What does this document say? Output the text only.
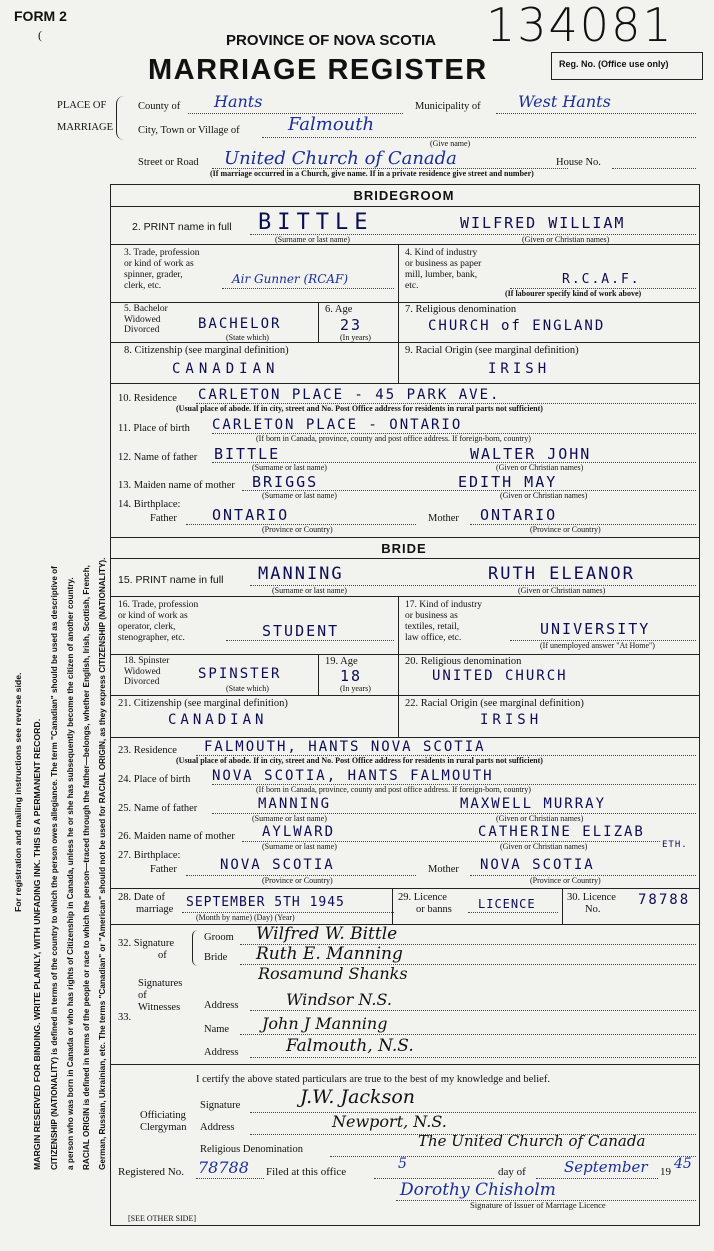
FORM 2
(	PROVINCE OF NOVA SCOTIA
MARRIAGE REGISTER	Reg. No. (Office use only)
134081
For registration and mailing instructions see reverse side. MARGIN RESERVED FOR BINDING. WRITE PLAINLY, WITH UNFADING INK. THIS IS A PERMANENT RECORD. CITIZENSHIP (NATIONALITY) is defined in terms of the country to which the person owes allegiance. The term "Canadian" should be used as descriptive of a person who was born in Canada or who has rights of Citizenship in Canada, unless he or she has subsequently become the citizen of another country. RACIAL ORIGIN is defined in terms of the people or race to which the person—traced through the father—belongs, whether English, Irish, Scottish, French, German, Russian, Ukrainian, etc. The terms "Canadian" or "American" should not be used for RACIAL ORIGIN, as they express CITIZENSHIP (NATIONALITY).
PLACE OF
MARRIAGE
County of Hants	Municipality of West Hants
City, Town or Village of	Falmouth
(Give name)
Street or Road United Church of Canada	House No.
(If marriage occurred in a Church, give name. If in a private residence give street and number)
BRIDEGROOM
2. PRINT name in full BITTLE	WILFRED WILLIAM
(Surname or last name)	(Given or Christian names)
3. Trade, profession
or kind of work as
spinner, grader,
clerk, etc.	Air Gunner (RCAF)
4. Kind of industry
or business as paper
mill, lumber, bank,
etc.	R.C.A.F.
(If labourer specify kind of work above)
5. Bachelor
Widowed
Divorced	BACHELOR
(State which)
6. Age
23
(In years)
7. Religious denomination
CHURCH of ENGLAND
8. Citizenship (see marginal definition)
CANADIAN
9. Racial Origin (see marginal definition)
IRISH
10. Residence CARLETON PLACE - 45 PARK AVE.
(Usual place of abode. If in city, street and No. Post Office address for residents in rural parts not sufficient)
11. Place of birth CARLETON PLACE - ONTARIO
(If born in Canada, province, county and post office address. If foreign-born, country)
12. Name of father BITTLE	WALTER JOHN
(Surname or last name)	(Given or Christian names)
13. Maiden name of mother BRIGGS	EDITH MAY
(Surname or last name)	(Given or Christian names)
14. Birthplace:
Father ONTARIO	Mother ONTARIO
(Province or Country)	(Province or Country)
BRIDE
15. PRINT name in full MANNING	RUTH ELEANOR
(Surname or last name)	(Given or Christian names)
16. Trade, profession
or kind of work as
operator, clerk,
stenographer, etc.	STUDENT
17. Kind of industry
or business as
textiles, retail,
law office, etc.	UNIVERSITY
(If unemployed answer "At Home")
18. Spinster
Widowed
Divorced	SPINSTER
(State which)
19. Age
18
(In years)
20. Religious denomination
UNITED CHURCH
21. Citizenship (see marginal definition)
CANADIAN
22. Racial Origin (see marginal definition)
IRISH
23. Residence FALMOUTH, HANTS NOVA SCOTIA
(Usual place of abode. If in city, street and No. Post Office address for residents in rural parts not sufficient)
24. Place of birth NOVA SCOTIA, HANTS FALMOUTH
(If born in Canada, province, county and post office address. If foreign-born, country)
25. Name of father	MANNING	MAXWELL MURRAY
(Surname or last name)	(Given or Christian names)
26. Maiden name of mother AYLWARD	CATHERINE ELIZAB
ETH.
(Surname or last name)	(Given or Christian names)
27. Birthplace:
Father	NOVA SCOTIA	Mother NOVA SCOTIA
(Province or Country)	(Province or Country)
28. Date of
marriage SEPTEMBER 5TH 1945
(Month by name) (Day) (Year)
29. Licence
or banns LICENCE	30. Licence
No.
78788
32. Signature
of
Groom Wilfred W. Bittle
Bride Ruth E. Manning
Rosamund Shanks
Signatures
of
Witnesses
33.
Address	Windsor N.S.
Name John J Manning
Address	Falmouth, N.S.
I certify the above stated particulars are true to the best of my knowledge and belief.
Officiating
Clergyman
Signature	J.W. Jackson
Address	Newport, N.S.
Religious Denomination	The United Church of Canada
Registered No. 78788 Filed at this office	5	day of	September 19 45
Dorothy Chisholm
Signature of Issuer of Marriage Licence
[SEE OTHER SIDE]
